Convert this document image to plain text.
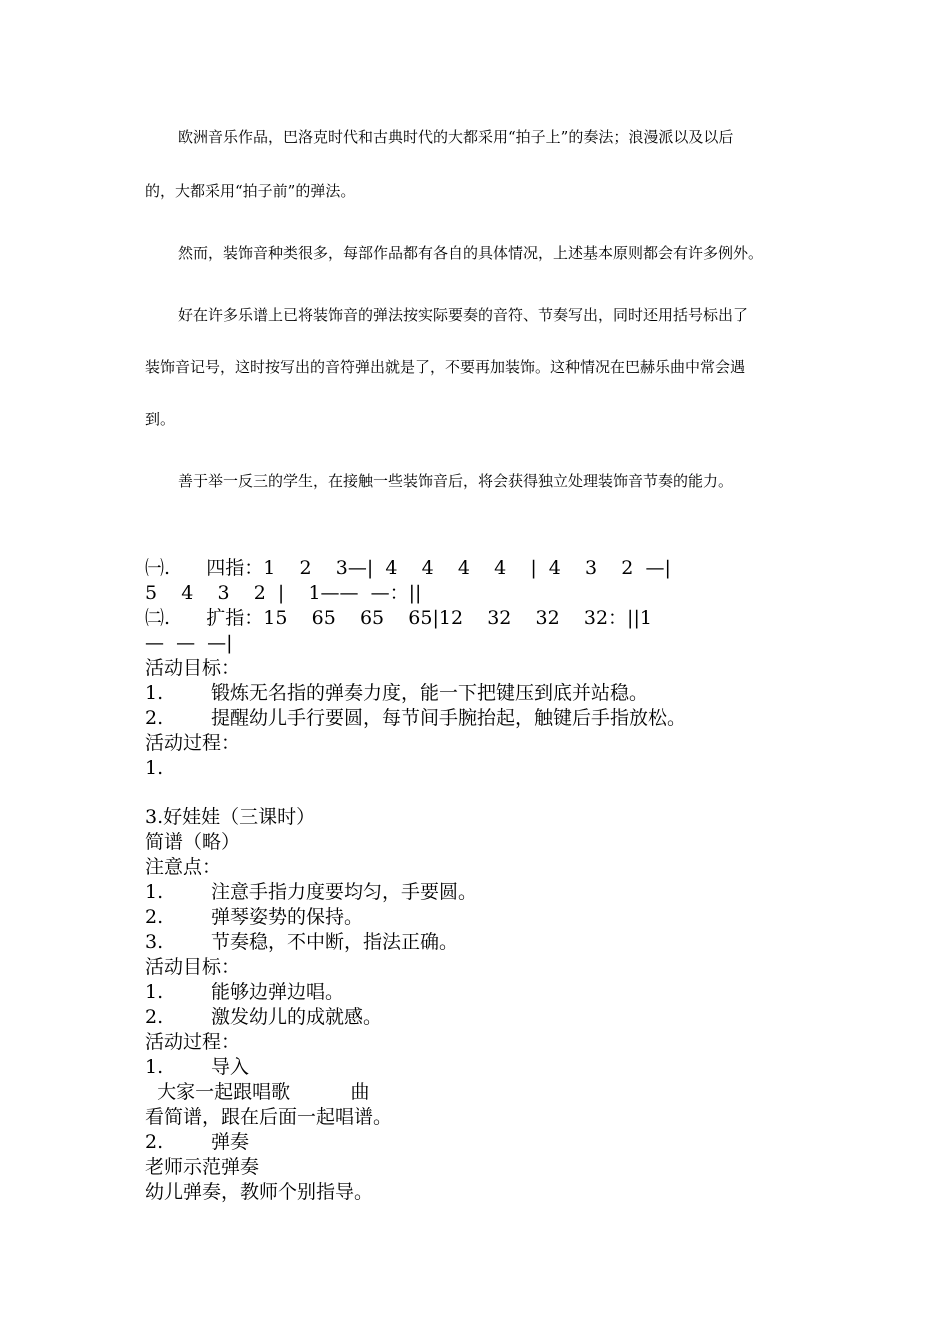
欧洲音乐作品，巴洛克时代和古典时代的大都采用“拍子上”的奏法；浪漫派以及以后
的，大都采用“拍子前”的弹法。
然而，装饰音种类很多，每部作品都有各自的具体情况，上述基本原则都会有许多例外。
好在许多乐谱上已将装饰音的弹法按实际要奏的音符、节奏写出，同时还用括号标出了
装饰音记号，这时按写出的音符弹出就是了，不要再加装饰。这种情况在巴赫乐曲中常会遇
到。
善于举一反三的学生，在接触一些装饰音后，将会获得独立处理装饰音节奏的能力。
㈠.      四指：1    2    3—|  4    4    4    4    |  4    3    2  —|
5    4    3    2  |    1——  —：||
㈡.      扩指：15    65    65    65|12    32    32    32：||1
—  —  —|
活动目标：
1.	锻炼无名指的弹奏力度，能一下把键压到底并站稳。
2.	提醒幼儿手行要圆，每节间手腕抬起，触键后手指放松。
活动过程：
1.
3.好娃娃（三课时）
简谱（略）
注意点：
1.	注意手指力度要均匀，手要圆。
2.	弹琴姿势的保持。
3.	节奏稳，不中断，指法正确。
活动目标：
1.	能够边弹边唱。
2.	激发幼儿的成就感。
活动过程：
1.	导入
大家一起跟唱歌          曲
看简谱，跟在后面一起唱谱。
2.	弹奏
老师示范弹奏
幼儿弹奏，教师个别指导。
